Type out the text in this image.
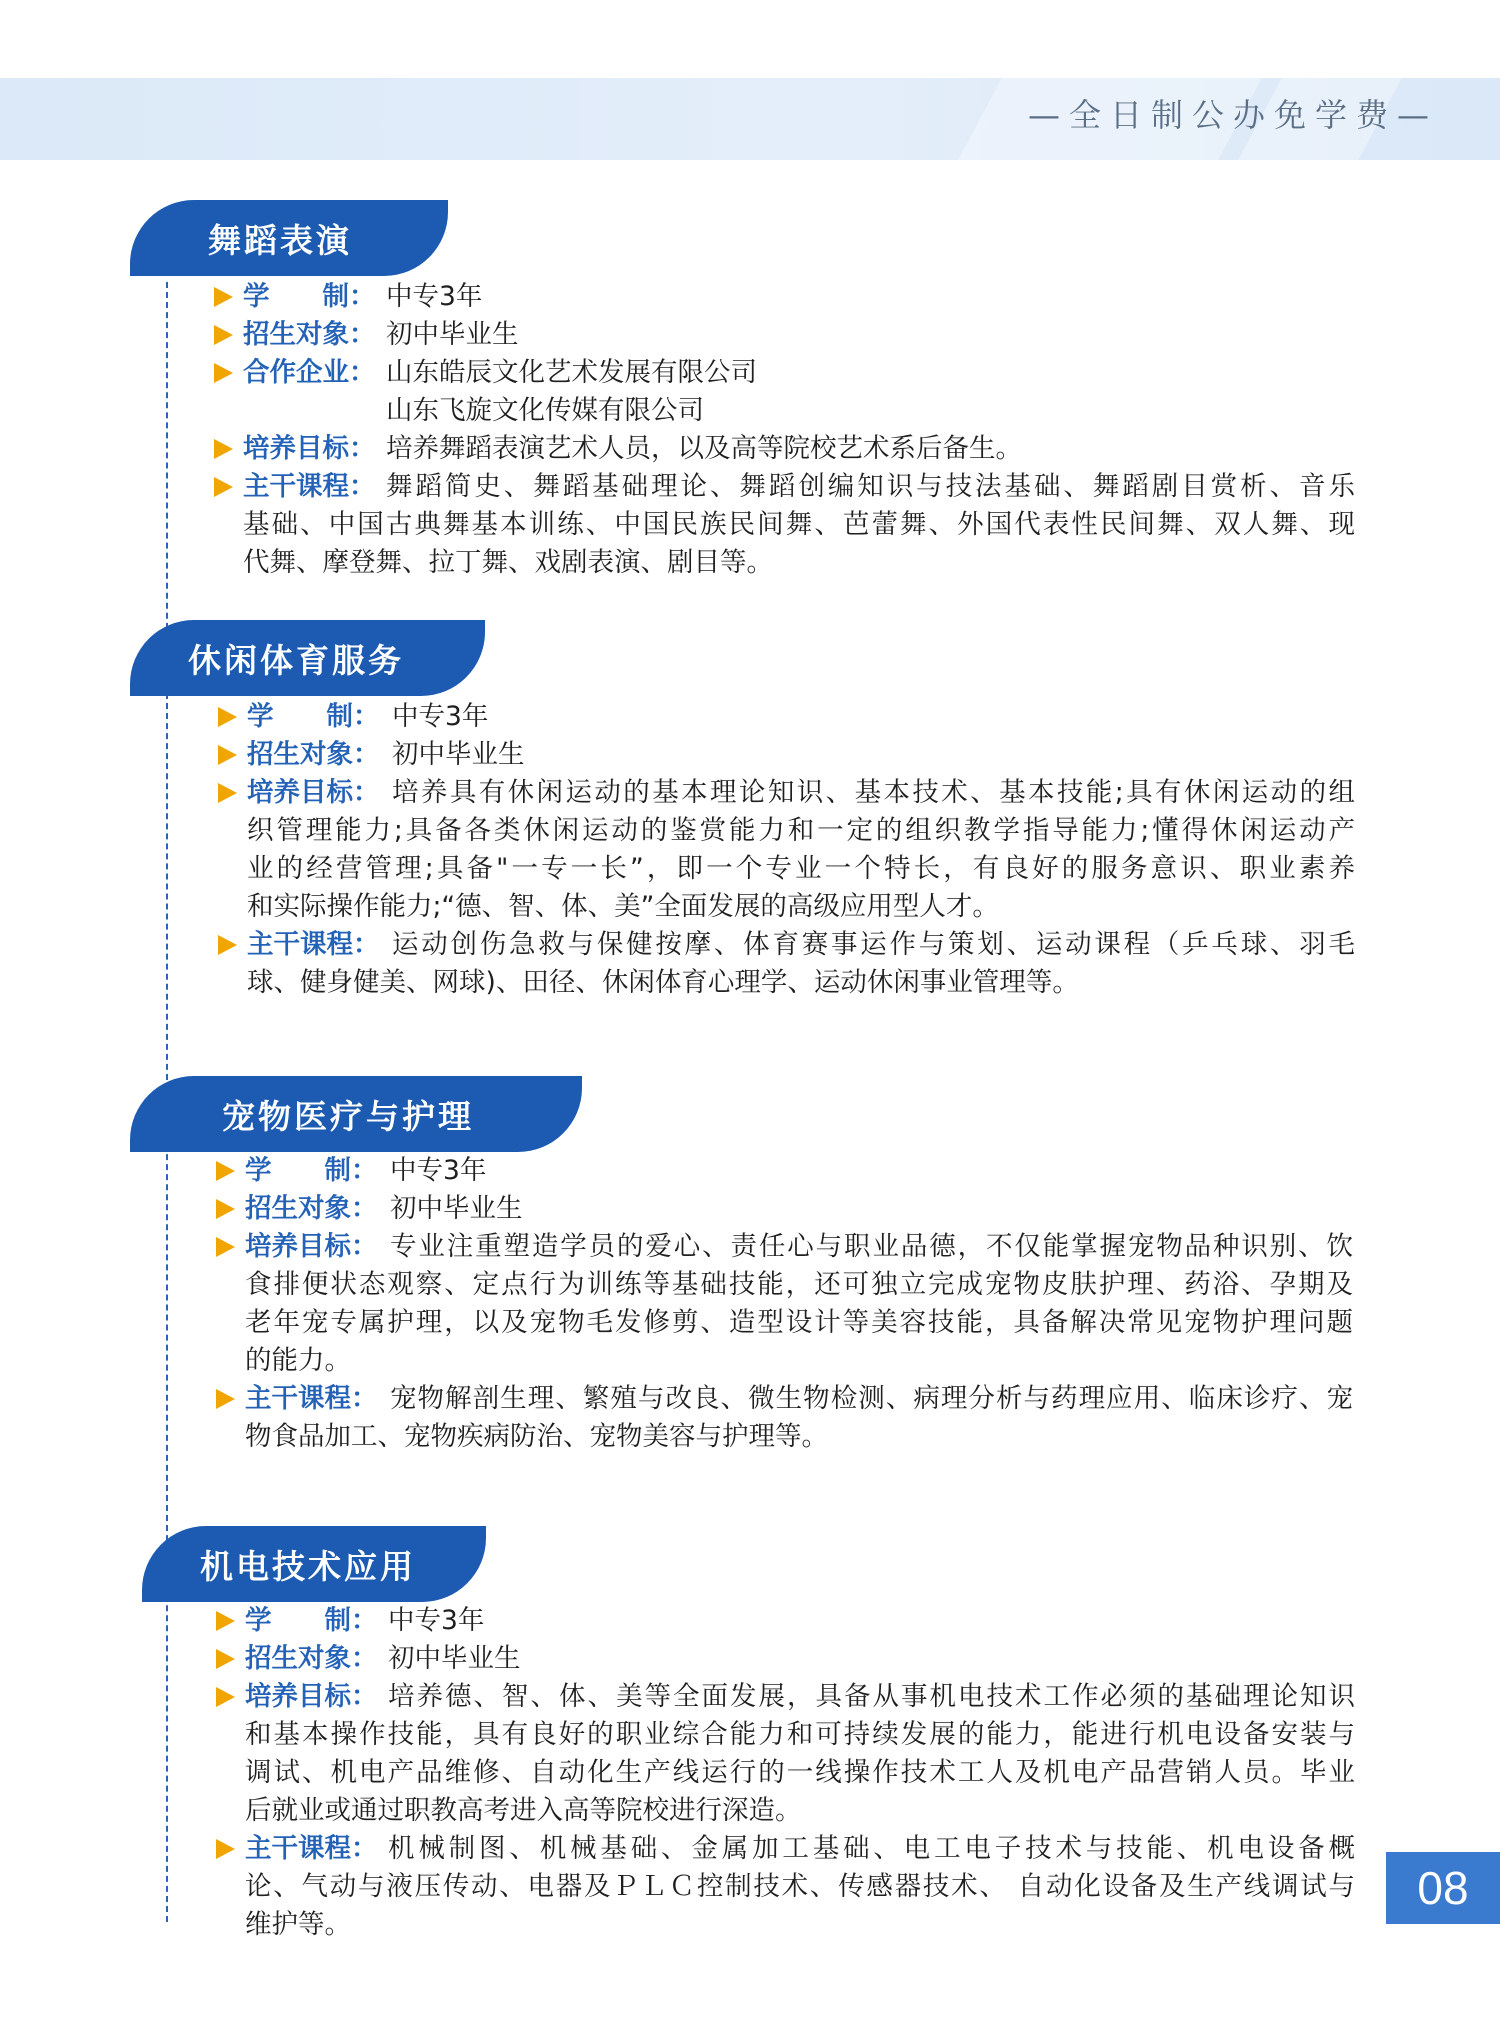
—全日制公办免学费—
舞蹈表演
学　　制： 中专3年
招生对象： 初中毕业生
合作企业： 山东皓辰文化艺术发展有限公司
山东飞旋文化传媒有限公司
培养目标： 培养舞蹈表演艺术人员，以及高等院校艺术系后备生。
主干课程： 舞蹈简史、舞蹈基础理论、舞蹈创编知识与技法基础、舞蹈剧目赏析、音乐
基础、中国古典舞基本训练、中国民族民间舞、芭蕾舞、外国代表性民间舞、双人舞、现
代舞、摩登舞、拉丁舞、戏剧表演、剧目等。
休闲体育服务
学　　制： 中专3年
招生对象： 初中毕业生
培养目标： 培养具有休闲运动的基本理论知识、基本技术、基本技能;具有休闲运动的组
织管理能力;具备各类休闲运动的鉴赏能力和一定的组织教学指导能力;懂得休闲运动产
业的经营管理;具备"一专一长”，即一个专业一个特长，有良好的服务意识、职业素养
和实际操作能力;“德、智、体、美”全面发展的高级应用型人才。
主干课程： 运动创伤急救与保健按摩、体育赛事运作与策划、运动课程（乒乓球、羽毛
球、健身健美、网球)、田径、休闲体育心理学、运动休闲事业管理等。
宠物医疗与护理
学　　制： 中专3年
招生对象： 初中毕业生
培养目标： 专业注重塑造学员的爱心、责任心与职业品德，不仅能掌握宠物品种识别、饮
食排便状态观察、定点行为训练等基础技能，还可独立完成宠物皮肤护理、药浴、孕期及
老年宠专属护理，以及宠物毛发修剪、造型设计等美容技能，具备解决常见宠物护理问题
的能力。
主干课程： 宠物解剖生理、繁殖与改良、微生物检测、病理分析与药理应用、临床诊疗、宠
物食品加工、宠物疾病防治、宠物美容与护理等。
机电技术应用
学　　制： 中专3年
招生对象： 初中毕业生
培养目标： 培养德、智、体、美等全面发展，具备从事机电技术工作必须的基础理论知识
和基本操作技能，具有良好的职业综合能力和可持续发展的能力，能进行机电设备安装与
调试、机电产品维修、自动化生产线运行的一线操作技术工人及机电产品营销人员。毕业
后就业或通过职教高考进入高等院校进行深造。
主干课程： 机械制图、机械基础、金属加工基础、电工电子技术与技能、机电设备概
论、气动与液压传动、电器及ＰＬＣ控制技术、传感器技术、 自动化设备及生产线调试与
维护等。
08
